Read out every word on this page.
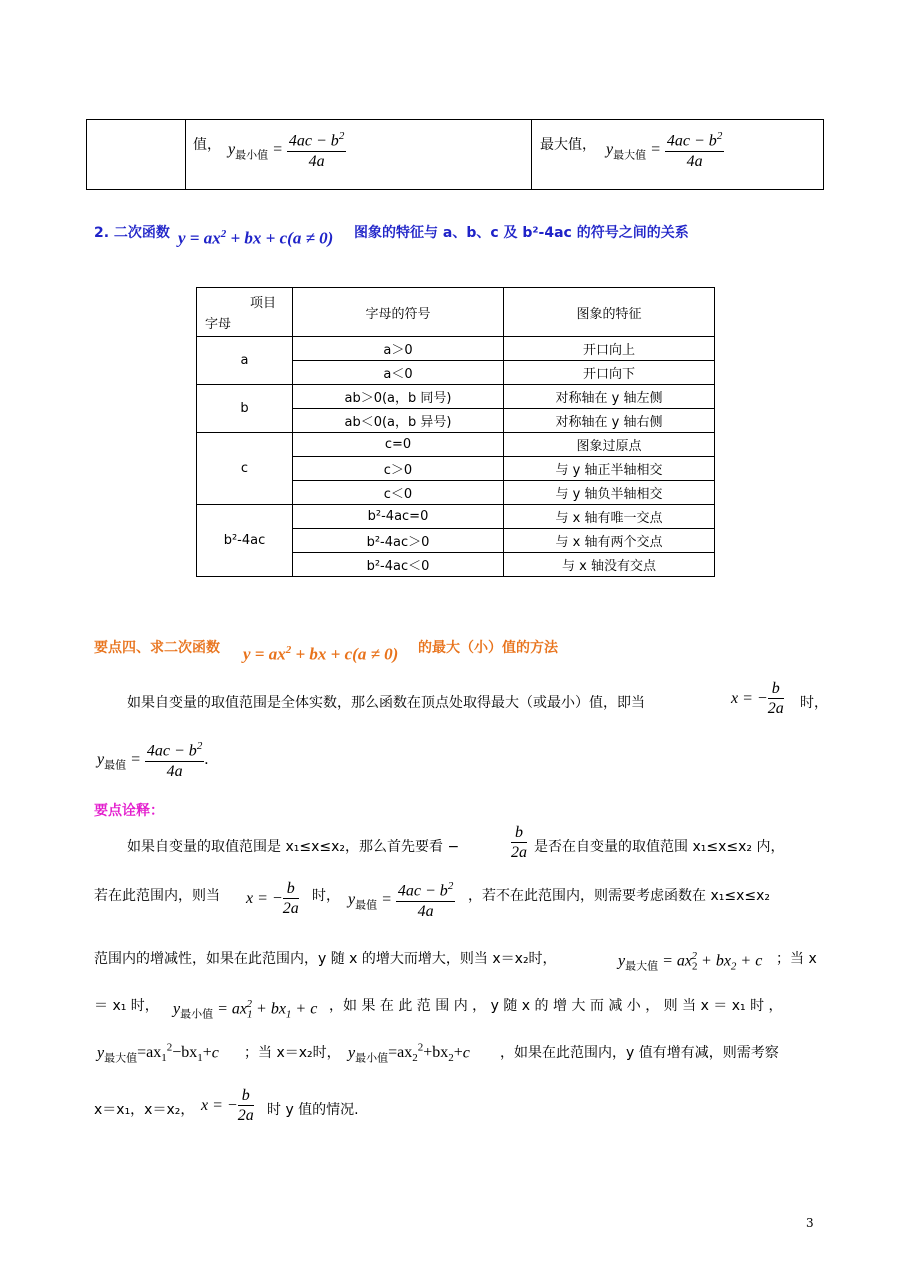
值， $y_{最小值} = \frac{4ac - b^2}{4a}$	最大值， $y_{最大值} = \frac{4ac - b^2}{4a}$
2. 二次函数 $y = ax^2$ + bx + c(a ≠ 0) 图象的特征与 a、b、c 及 b²-4ac 的符号之间的关系
项目
字母	字母的符号	图象的特征
a	a＞0	开口向上
	a＜0	开口向下
b	ab＞0(a，b 同号)	对称轴在 y 轴左侧
	ab＜0(a，b 异号)	对称轴在 y 轴右侧
c	c=0	图象过原点
	c＞0	与 y 轴正半轴相交
	c＜0	与 y 轴负半轴相交
b²-4ac	b²-4ac=0	与 x 轴有唯一交点
	b²-4ac＞0	与 x 轴有两个交点
	b²-4ac＜0	与 x 轴没有交点
要点四、求二次函数 $y = ax^2$ + bx + c(a ≠ 0) 的最大（小）值的方法
如果自变量的取值范围是全体实数，那么函数在顶点处取得最大（或最小）值，即当	x = − $\frac{b}{2a}$ 时，
$y_{最值} = \frac{4ac - b^2}{4a}$ .
要点诠释：
如果自变量的取值范围是 x₁≤x≤x₂，那么首先要看 −	$\frac{b}{2a}$ 是否在自变量的取值范围 x₁≤x≤x₂ 内，
若在此范围内，则当 x = − $\frac{b}{2a}$ 时， $y_{最值} = \frac{4ac - b^2}{4a}$ ，若不在此范围内，则需要考虑函数在 x₁≤x≤x₂
范围内的增减性，如果在此范围内，y 随 x 的增大而增大，则当 x＝x₂时，	$y_{最大值} = ax_2^2 + bx_2 + c$ ；当 x
＝ x₁ 时， $y_{最小值} = ax_1^2 + bx_1 + c$ ，如 果 在 此 范 围 内 ， y 随 x 的 增 大 而 减 小 ， 则 当 x ＝ x₁ 时 ，
$y_{最大值}=ax_1^2-bx_1+c$ ；当 x＝x₂时， $y_{最小值}=ax_2^2+bx_2+c$ ，如果在此范围内，y 值有增有减，则需考察
x＝x₁，x＝x₂， x = − $\frac{b}{2a}$ 时 y 值的情况.
3
